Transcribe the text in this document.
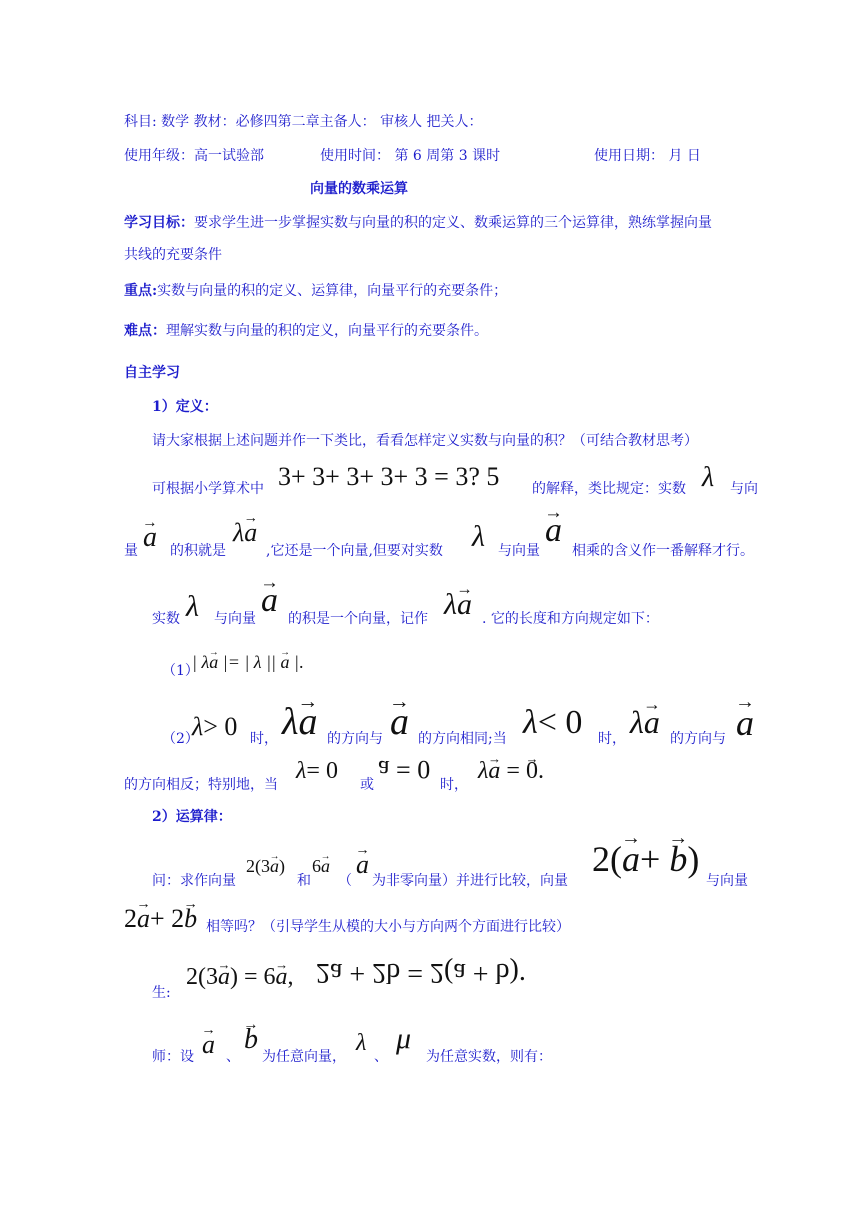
科目: 数学 教材：必修四第二章主备人： 审核人 把关人：
使用年级：高一试验部	使用时间： 第 6 周第 3 课时	使用日期： 月 日
向量的数乘运算
学习目标：要求学生进一步掌握实数与向量的积的定义、数乘运算的三个运算律，熟练掌握向量
共线的充要条件
重点:实数与向量的积的定义、运算律，向量平行的充要条件；
难点：理解实数与向量的积的定义，向量平行的充要条件。
自主学习
1）定义：
请大家根据上述问题并作一下类比，看看怎样定义实数与向量的积？（可结合教材思考）
可根据小学算术中 3+ 3+ 3+ 3+ 3 = 3? 5 的解释，类比规定：实数 λ 与向
量 → a 的积就是
λ→ a
,它还是一个向量,但要对实数 λ 与向量
→ a
相乘的含义作一番解释才行。
实数 λ 与向量 → a 的积是一个向量，记作 λ→ a . 它的长度和方向规定如下：
（1）
| λ→ a |= | λ || → a |.
（2）
λ> 0 时， λ→ a 的方向与 → a 的方向相同;当 λ< 0 时， λ→ a 的方向与 → a
的方向相反；特别地，当
λ= 0
或
a = 0
时，
λ→ a = → 0.
2）运算律：
问：求作向量
2(3→ a)
和
6→ a
（
→ a
为非零向量）并进行比较，向量
2(→ a+ → b)
与向量
2→ a+ 2→ b 相等吗？（引导学生从模的大小与方向两个方面进行比较）
生:
2(3→ a) = 6→ a, 2a + 2b = 2(a + b).
师：设 → a 、
→ b
为任意向量，
λ
、
μ
为任意实数，则有：
